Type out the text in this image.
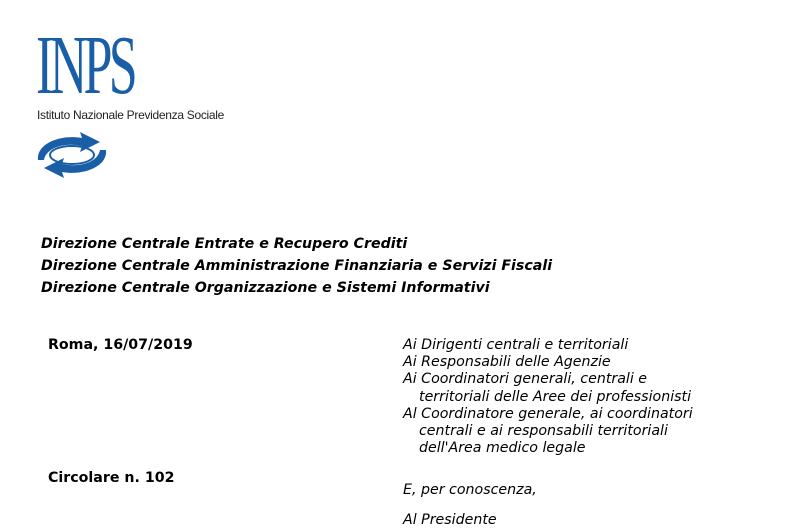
INPS
Istituto Nazionale Previdenza Sociale
Direzione Centrale Entrate e Recupero Crediti
Direzione Centrale Amministrazione Finanziaria e Servizi Fiscali
Direzione Centrale Organizzazione e Sistemi Informativi
Roma, 16/07/2019
Circolare n. 102
Ai Dirigenti centrali e territoriali
Ai Responsabili delle Agenzie
Ai Coordinatori generali, centrali e
territoriali delle Aree dei professionisti
Al Coordinatore generale, ai coordinatori
centrali e ai responsabili territoriali
dell'Area medico legale
E, per conoscenza,
Al Presidente
